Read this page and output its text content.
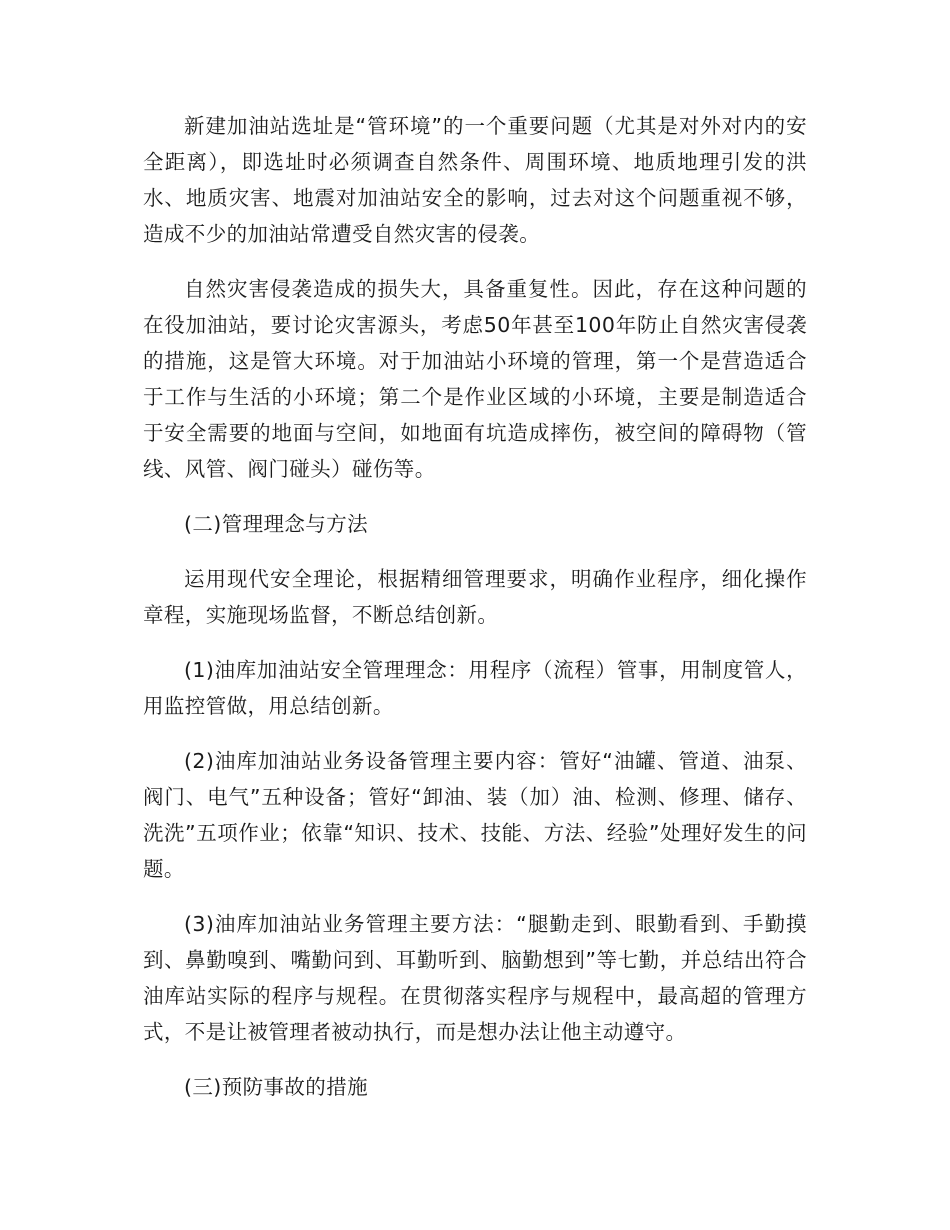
新建加油站选址是“管环境”的一个重要问题（尤其是对外对内的安全距离），即选址时必须调查自然条件、周围环境、地质地理引发的洪水、地质灾害、地震对加油站安全的影响，过去对这个问题重视不够，造成不少的加油站常遭受自然灾害的侵袭。

自然灾害侵袭造成的损失大，具备重复性。因此，存在这种问题的在役加油站，要讨论灾害源头，考虑50年甚至100年防止自然灾害侵袭的措施，这是管大环境。对于加油站小环境的管理，第一个是营造适合于工作与生活的小环境；第二个是作业区域的小环境，主要是制造适合于安全需要的地面与空间，如地面有坑造成摔伤，被空间的障碍物（管线、风管、阀门碰头）碰伤等。

(二)管理理念与方法

运用现代安全理论，根据精细管理要求，明确作业程序，细化操作章程，实施现场监督，不断总结创新。

(1)油库加油站安全管理理念：用程序（流程）管事，用制度管人，用监控管做，用总结创新。

(2)油库加油站业务设备管理主要内容：管好“油罐、管道、油泵、阀门、电气”五种设备；管好“卸油、装（加）油、检测、修理、储存、洗洗”五项作业；依靠“知识、技术、技能、方法、经验”处理好发生的问题。

(3)油库加油站业务管理主要方法：“腿勤走到、眼勤看到、手勤摸到、鼻勤嗅到、嘴勤问到、耳勤听到、脑勤想到”等七勤，并总结出符合油库站实际的程序与规程。在贯彻落实程序与规程中，最高超的管理方式，不是让被管理者被动执行，而是想办法让他主动遵守。

(三)预防事故的措施
